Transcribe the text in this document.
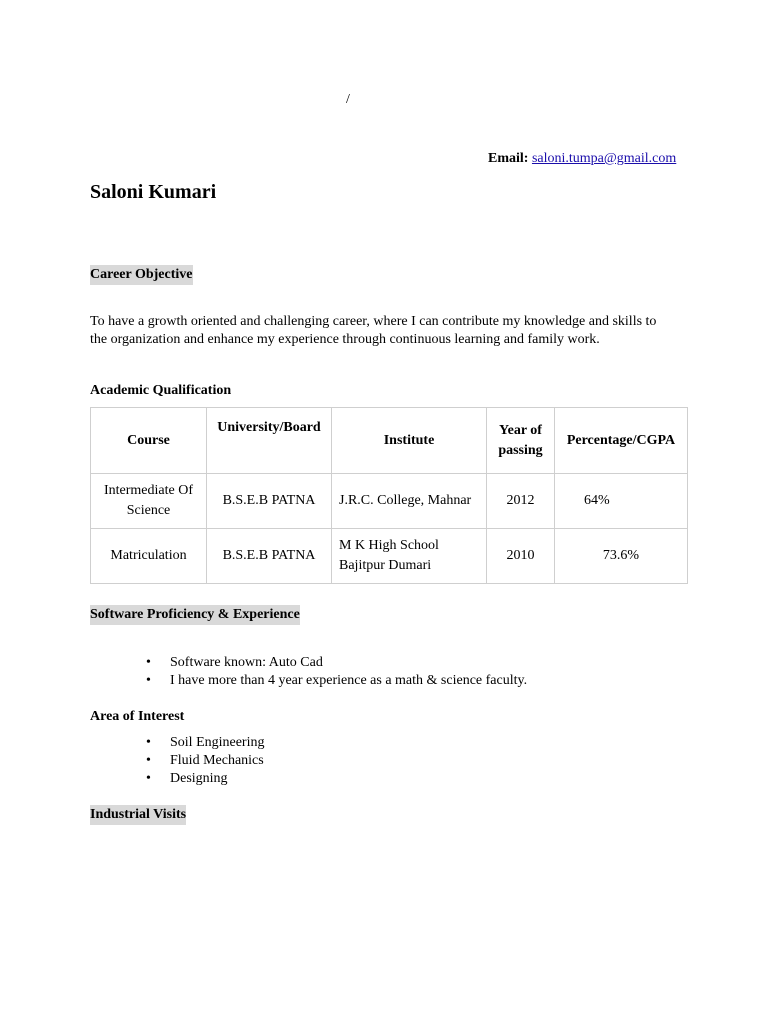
/
Email: saloni.tumpa@gmail.com
Saloni Kumari
Career Objective
To have a growth oriented and challenging career, where I can contribute my knowledge and skills to the organization and enhance my experience through continuous learning and family work.
Academic Qualification
Course	University/Board	Institute	Year of passing	Percentage/CGPA
Intermediate Of Science	B.S.E.B PATNA	J.R.C. College, Mahnar	2012	64%
Matriculation	B.S.E.B PATNA	M K High School Bajitpur Dumari	2010	73.6%
Software Proficiency & Experience
• Software known: Auto Cad
• I have more than 4 year experience as a math & science faculty.
Area of Interest
• Soil Engineering
• Fluid Mechanics
• Designing
Industrial Visits
